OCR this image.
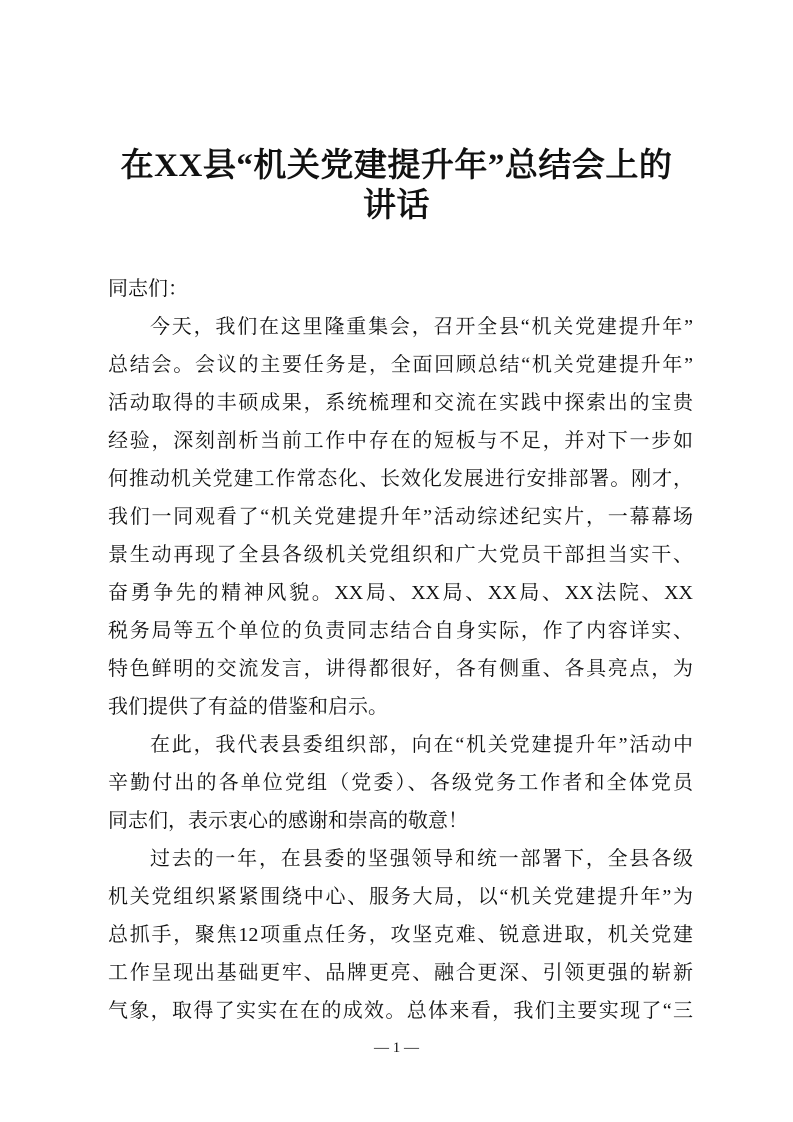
在XX县“机关党建提升年”总结会上的
讲话
同志们：
今天，我们在这里隆重集会，召开全县“机关党建提升年”
总结会。会议的主要任务是，全面回顾总结“机关党建提升年”
活动取得的丰硕成果，系统梳理和交流在实践中探索出的宝贵
经验，深刻剖析当前工作中存在的短板与不足，并对下一步如
何推动机关党建工作常态化、长效化发展进行安排部署。刚才，
我们一同观看了“机关党建提升年”活动综述纪实片，一幕幕场
景生动再现了全县各级机关党组织和广大党员干部担当实干、
奋勇争先的精神风貌。XX局、XX局、XX局、XX法院、XX
税务局等五个单位的负责同志结合自身实际，作了内容详实、
特色鲜明的交流发言，讲得都很好，各有侧重、各具亮点，为
我们提供了有益的借鉴和启示。
在此，我代表县委组织部，向在“机关党建提升年”活动中
辛勤付出的各单位党组（党委）、各级党务工作者和全体党员
同志们，表示衷心的感谢和崇高的敬意！
过去的一年，在县委的坚强领导和统一部署下，全县各级
机关党组织紧紧围绕中心、服务大局，以“机关党建提升年”为
总抓手，聚焦12项重点任务，攻坚克难、锐意进取，机关党建
工作呈现出基础更牢、品牌更亮、融合更深、引领更强的崭新
气象，取得了实实在在的成效。总体来看，我们主要实现了“三
— 1 —
